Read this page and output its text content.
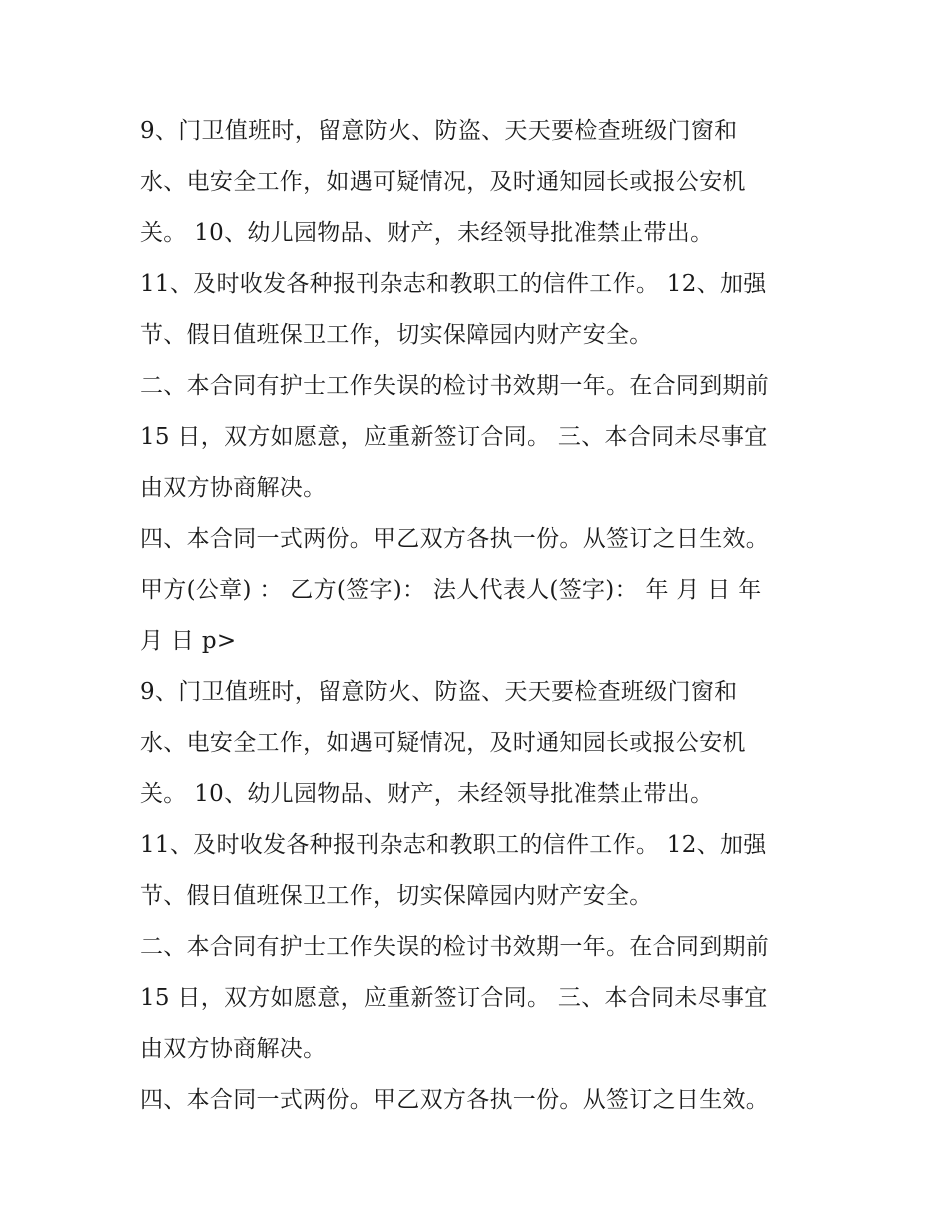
9、门卫值班时，留意防火、防盗、天天要检查班级门窗和
水、电安全工作，如遇可疑情况，及时通知园长或报公安机
关。 10、幼儿园物品、财产，未经领导批准禁止带出。
11、及时收发各种报刊杂志和教职工的信件工作。 12、加强
节、假日值班保卫工作，切实保障园内财产安全。
二、本合同有护士工作失误的检讨书效期一年。在合同到期前
15 日，双方如愿意，应重新签订合同。 三、本合同未尽事宜
由双方协商解决。
四、本合同一式两份。甲乙双方各执一份。从签订之日生效。
甲方(公章) ： 乙方(签字)： 法人代表人(签字)： 年 月 日 年
月 日 p>
9、门卫值班时，留意防火、防盗、天天要检查班级门窗和
水、电安全工作，如遇可疑情况，及时通知园长或报公安机
关。 10、幼儿园物品、财产，未经领导批准禁止带出。
11、及时收发各种报刊杂志和教职工的信件工作。 12、加强
节、假日值班保卫工作，切实保障园内财产安全。
二、本合同有护士工作失误的检讨书效期一年。在合同到期前
15 日，双方如愿意，应重新签订合同。 三、本合同未尽事宜
由双方协商解决。
四、本合同一式两份。甲乙双方各执一份。从签订之日生效。
